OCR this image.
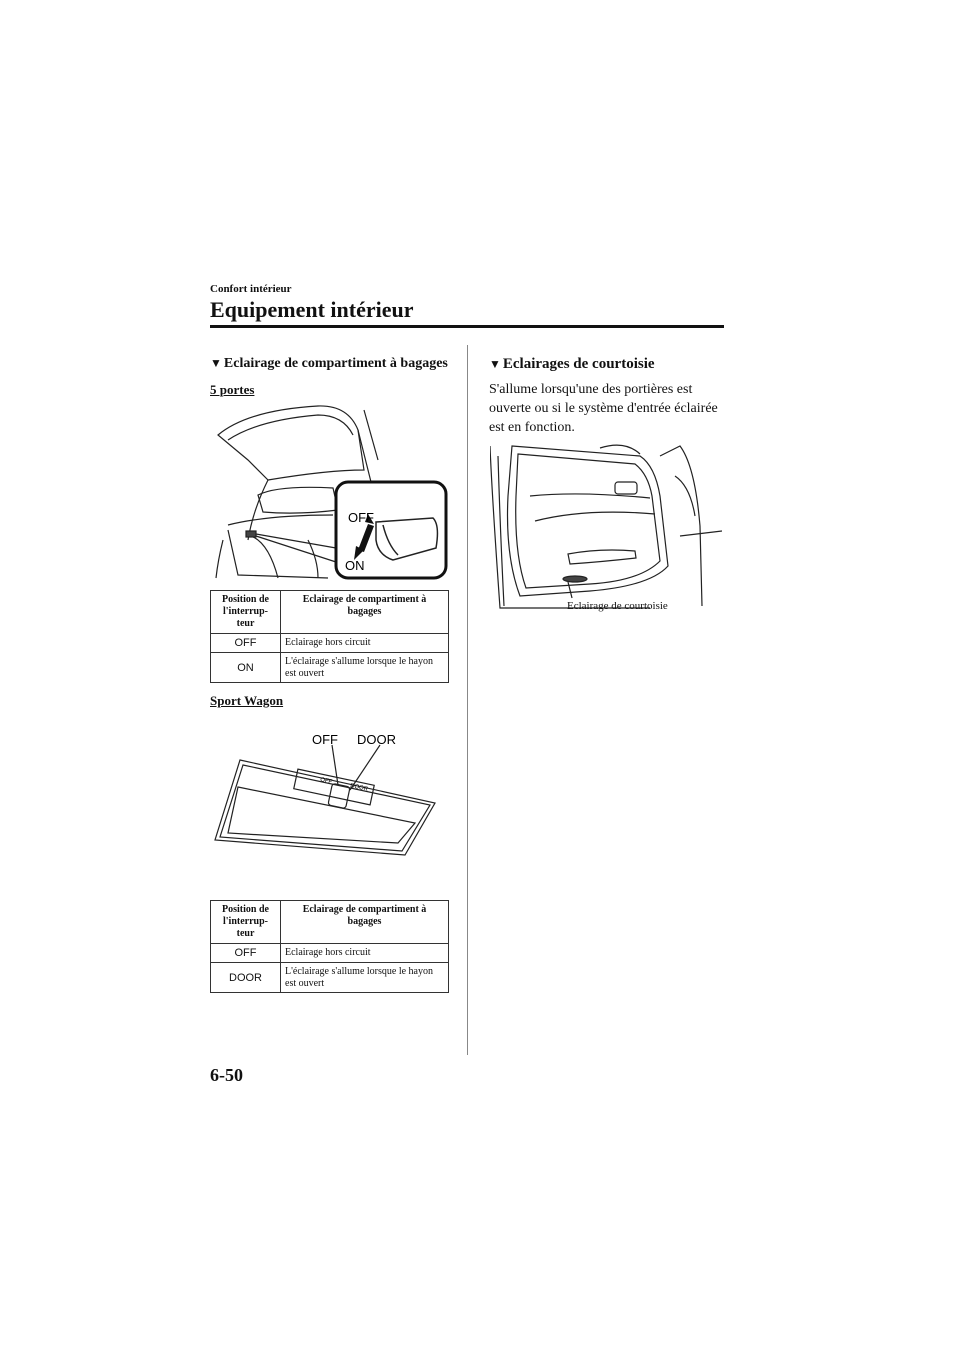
Confort intérieur
Equipement intérieur
▼ Eclairage de compartiment à bagages
5 portes
OFF
ON
Position de l'interrup-teur	Eclairage de compartiment à bagages
OFF	Eclairage hors circuit
ON	L'éclairage s'allume lorsque le hayon est ouvert
Sport Wagon
OFF DOOR
OFF
DOOR
Position de l'interrup-teur	Eclairage de compartiment à bagages
OFF	Eclairage hors circuit
DOOR	L'éclairage s'allume lorsque le hayon est ouvert
▼ Eclairages de courtoisie
S'allume lorsqu'une des portières est ouverte ou si le système d'entrée éclairée est en fonction.
Eclairage de courtoisie
6-50
